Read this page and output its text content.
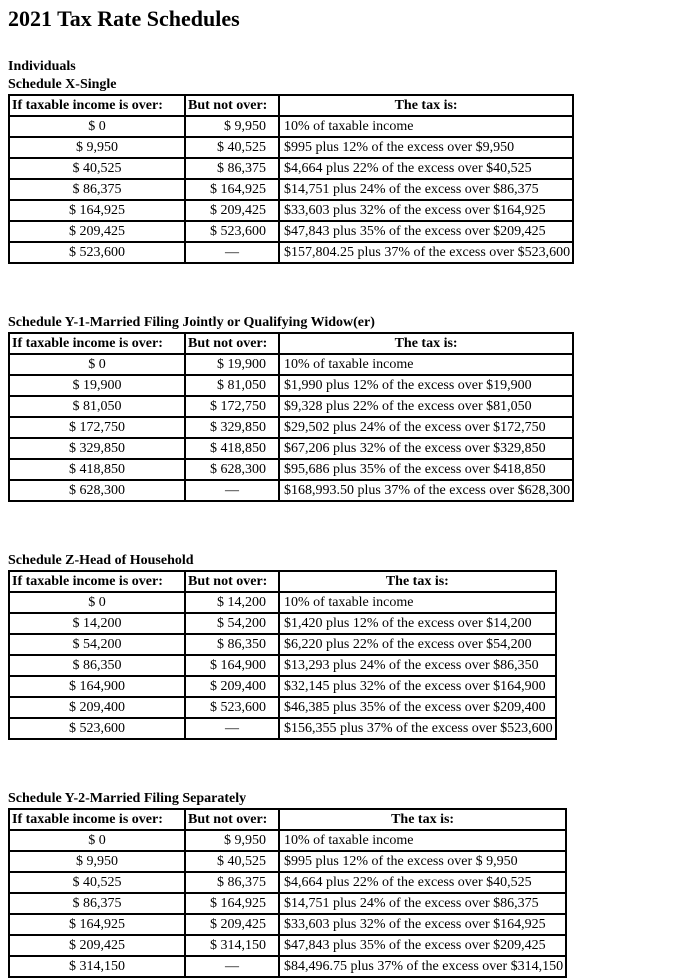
2021 Tax Rate Schedules
Individuals
Schedule X-Single
If taxable income is over:	But not over:	The tax is:
$ 0	$ 9,950	10% of taxable income
$ 9,950	$ 40,525	$995 plus 12% of the excess over $9,950
$ 40,525	$ 86,375	$4,664 plus 22% of the excess over $40,525
$ 86,375	$ 164,925	$14,751 plus 24% of the excess over $86,375
$ 164,925	$ 209,425	$33,603 plus 32% of the excess over $164,925
$ 209,425	$ 523,600	$47,843 plus 35% of the excess over $209,425
$ 523,600	—	$157,804.25 plus 37% of the excess over $523,600
Schedule Y-1-Married Filing Jointly or Qualifying Widow(er)
If taxable income is over:	But not over:	The tax is:
$ 0	$ 19,900	10% of taxable income
$ 19,900	$ 81,050	$1,990 plus 12% of the excess over $19,900
$ 81,050	$ 172,750	$9,328 plus 22% of the excess over $81,050
$ 172,750	$ 329,850	$29,502 plus 24% of the excess over $172,750
$ 329,850	$ 418,850	$67,206 plus 32% of the excess over $329,850
$ 418,850	$ 628,300	$95,686 plus 35% of the excess over $418,850
$ 628,300	—	$168,993.50 plus 37% of the excess over $628,300
Schedule Z-Head of Household
If taxable income is over:	But not over:	The tax is:
$ 0	$ 14,200	10% of taxable income
$ 14,200	$ 54,200	$1,420 plus 12% of the excess over $14,200
$ 54,200	$ 86,350	$6,220 plus 22% of the excess over $54,200
$ 86,350	$ 164,900	$13,293 plus 24% of the excess over $86,350
$ 164,900	$ 209,400	$32,145 plus 32% of the excess over $164,900
$ 209,400	$ 523,600	$46,385 plus 35% of the excess over $209,400
$ 523,600	—	$156,355 plus 37% of the excess over $523,600
Schedule Y-2-Married Filing Separately
If taxable income is over:	But not over:	The tax is:
$ 0	$ 9,950	10% of taxable income
$ 9,950	$ 40,525	$995 plus 12% of the excess over $ 9,950
$ 40,525	$ 86,375	$4,664 plus 22% of the excess over $40,525
$ 86,375	$ 164,925	$14,751 plus 24% of the excess over $86,375
$ 164,925	$ 209,425	$33,603 plus 32% of the excess over $164,925
$ 209,425	$ 314,150	$47,843 plus 35% of the excess over $209,425
$ 314,150	—	$84,496.75 plus 37% of the excess over $314,150
